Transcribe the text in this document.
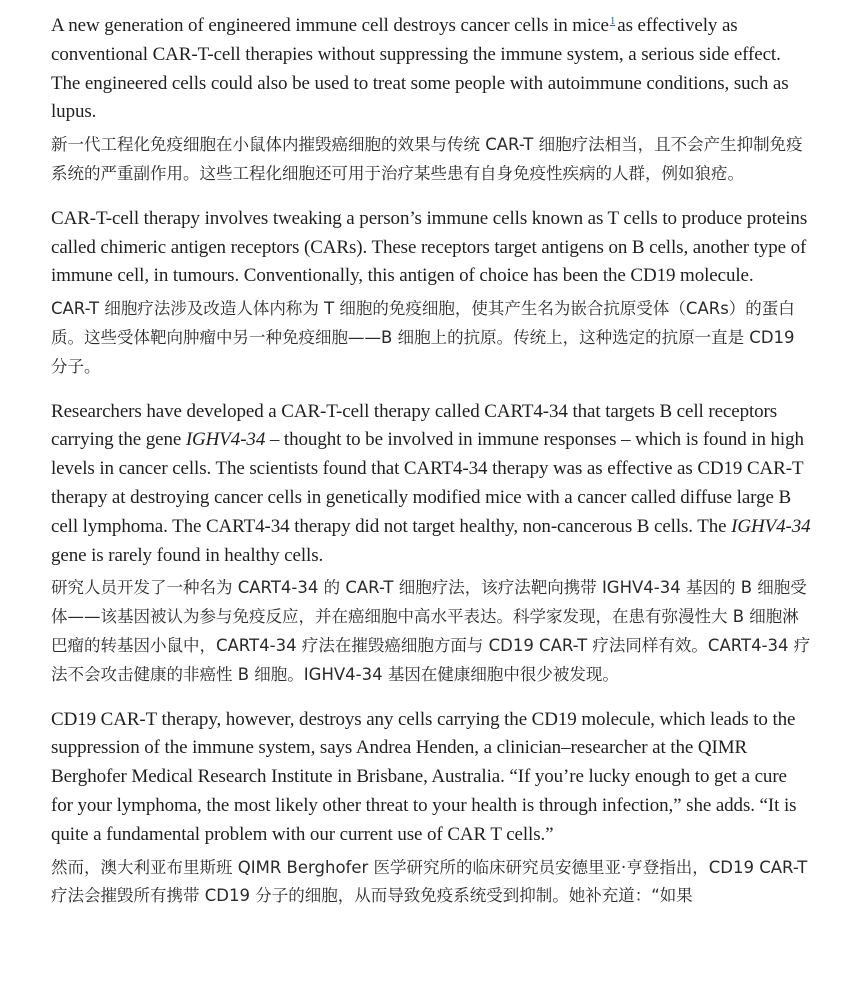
A new generation of engineered immune cell destroys cancer cells in mice$^1$ as effectively as conventional CAR-T-cell therapies without suppressing the immune system, a serious side effect. The engineered cells could also be used to treat some people with autoimmune conditions, such as lupus.

新一代工程化免疫细胞在小鼠体内摧毁癌细胞的效果与传统 CAR-T 细胞疗法相当，且不会产生抑制免疫系统的严重副作用。这些工程化细胞还可用于治疗某些患有自身免疫性疾病的人群，例如狼疮。

CAR-T-cell therapy involves tweaking a person’s immune cells known as T cells to produce proteins called chimeric antigen receptors (CARs). These receptors target antigens on B cells, another type of immune cell, in tumours. Conventionally, this antigen of choice has been the CD19 molecule.

CAR-T 细胞疗法涉及改造人体内称为 T 细胞的免疫细胞，使其产生名为嵌合抗原受体（CARs）的蛋白质。这些受体靶向肿瘤中另一种免疫细胞——B 细胞上的抗原。传统上，这种选定的抗原一直是 CD19 分子。

Researchers have developed a CAR-T-cell therapy called CART4-34 that targets B cell receptors carrying the gene IGHV4-34 – thought to be involved in immune responses – which is found in high levels in cancer cells. The scientists found that CART4-34 therapy was as effective as CD19 CAR-T therapy at destroying cancer cells in genetically modified mice with a cancer called diffuse large B cell lymphoma. The CART4-34 therapy did not target healthy, non-cancerous B cells. The IGHV4-34 gene is rarely found in healthy cells.

研究人员开发了一种名为 CART4-34 的 CAR-T 细胞疗法，该疗法靶向携带 IGHV4-34 基因的 B 细胞受体——该基因被认为参与免疫反应，并在癌细胞中高水平表达。科学家发现，在患有弥漫性大 B 细胞淋巴瘤的转基因小鼠中，CART4-34 疗法在摧毁癌细胞方面与 CD19 CAR-T 疗法同样有效。CART4-34 疗法不会攻击健康的非癌性 B 细胞。IGHV4-34 基因在健康细胞中很少被发现。

CD19 CAR-T therapy, however, destroys any cells carrying the CD19 molecule, which leads to the suppression of the immune system, says Andrea Henden, a clinician–researcher at the QIMR Berghofer Medical Research Institute in Brisbane, Australia. “If you’re lucky enough to get a cure for your lymphoma, the most likely other threat to your health is through infection,” she adds. “It is quite a fundamental problem with our current use of CAR T cells.”

然而，澳大利亚布里斯班 QIMR Berghofer 医学研究所的临床研究员安德里亚·亨登指出，CD19 CAR-T 疗法会摧毁所有携带 CD19 分子的细胞，从而导致免疫系统受到抑制。她补充道：“如果
